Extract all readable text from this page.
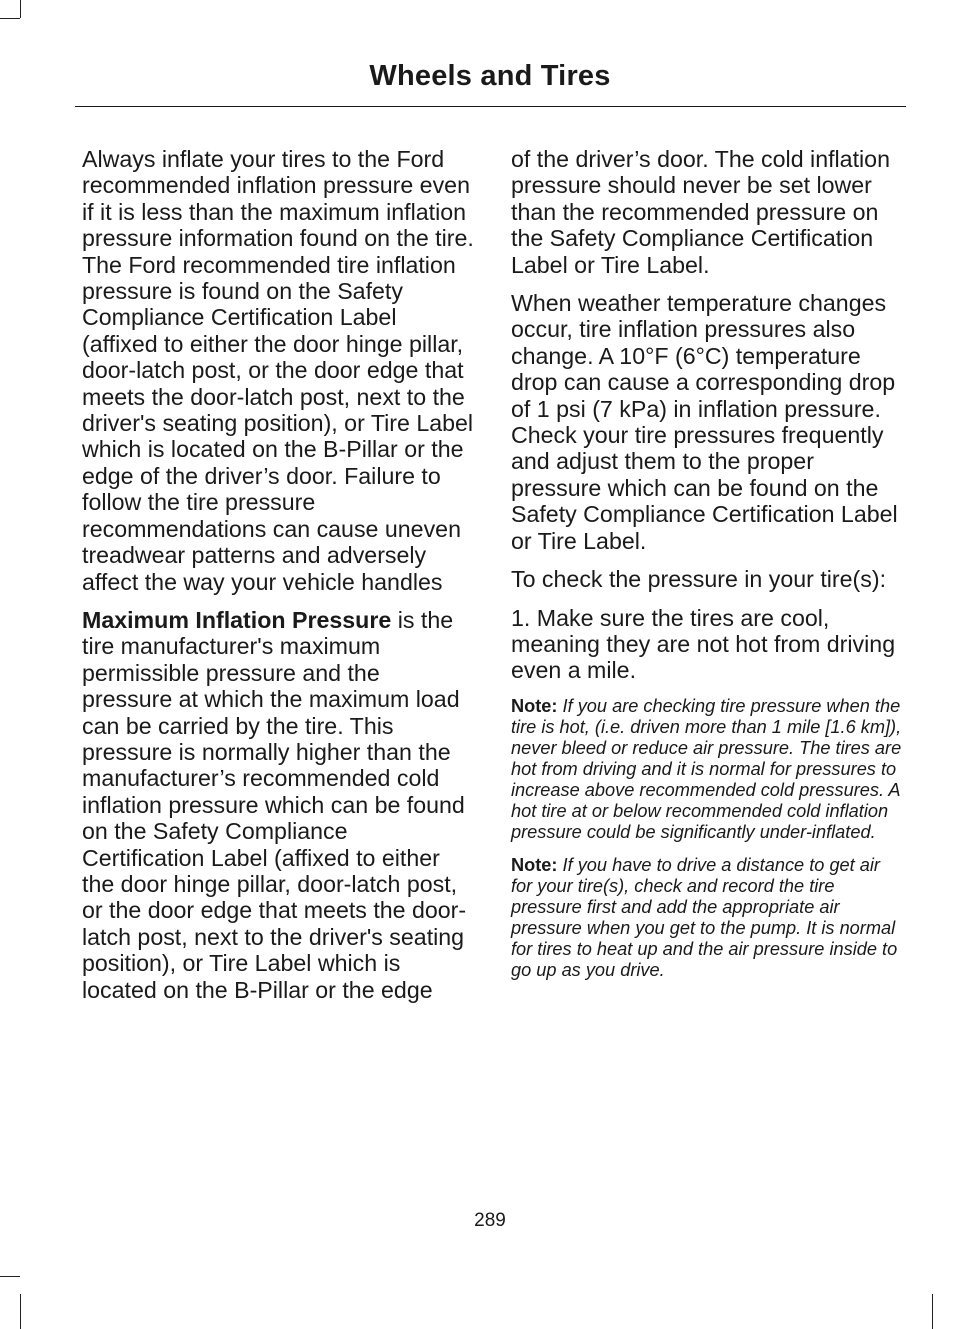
Wheels and Tires

Always inflate your tires to the Ford recommended inflation pressure even if it is less than the maximum inflation pressure information found on the tire. The Ford recommended tire inflation pressure is found on the Safety Compliance Certification Label (affixed to either the door hinge pillar, door-latch post, or the door edge that meets the door-latch post, next to the driver's seating position), or Tire Label which is located on the B-Pillar or the edge of the driver’s door. Failure to follow the tire pressure recommendations can cause uneven treadwear patterns and adversely affect the way your vehicle handles

Maximum Inflation Pressure is the tire manufacturer's maximum permissible pressure and the pressure at which the maximum load can be carried by the tire. This pressure is normally higher than the manufacturer’s recommended cold inflation pressure which can be found on the Safety Compliance Certification Label (affixed to either the door hinge pillar, door-latch post, or the door edge that meets the door-latch post, next to the driver's seating position), or Tire Label which is located on the B-Pillar or the edge

of the driver’s door. The cold inflation pressure should never be set lower than the recommended pressure on the Safety Compliance Certification Label or Tire Label.

When weather temperature changes occur, tire inflation pressures also change. A 10°F (6°C) temperature drop can cause a corresponding drop of 1 psi (7 kPa) in inflation pressure. Check your tire pressures frequently and adjust them to the proper pressure which can be found on the Safety Compliance Certification Label or Tire Label.

To check the pressure in your tire(s):

1. Make sure the tires are cool, meaning they are not hot from driving even a mile.

Note: If you are checking tire pressure when the tire is hot, (i.e. driven more than 1 mile [1.6 km]), never bleed or reduce air pressure. The tires are hot from driving and it is normal for pressures to increase above recommended cold pressures. A hot tire at or below recommended cold inflation pressure could be significantly under-inflated.

Note: If you have to drive a distance to get air for your tire(s), check and record the tire pressure first and add the appropriate air pressure when you get to the pump. It is normal for tires to heat up and the air pressure inside to go up as you drive.

289
